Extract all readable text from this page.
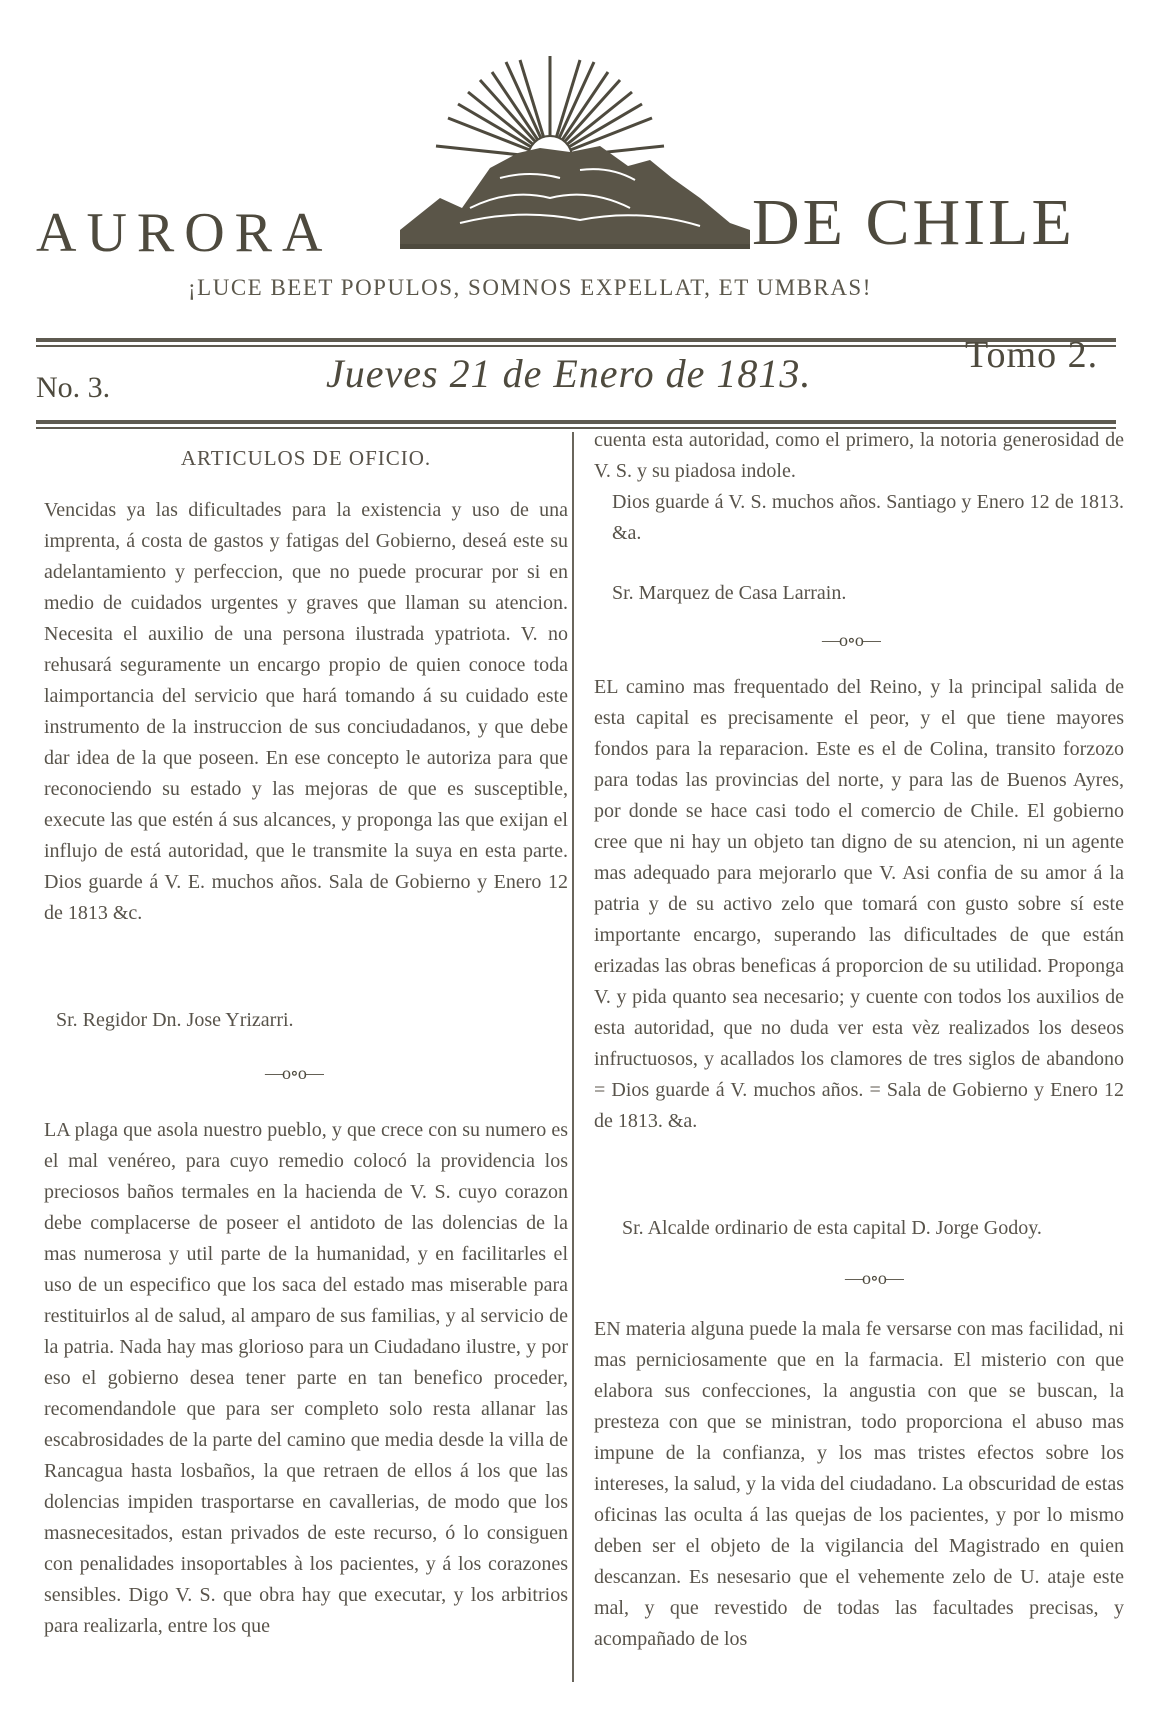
AURORA	DE CHILE
¡LUCE BEET POPULOS, SOMNOS EXPELLAT, ET UMBRAS!
No. 3.	Jueves 21 de Enero de 1813.	Tomo 2.
ARTICULOS DE OFICIO.

Vencidas ya las dificultades para la existencia y uso de una imprenta, á costa de gastos y fatigas del Gobierno, deseá este su adelantamiento y perfeccion, que no puede procurar por si en medio de cuidados urgentes y graves que llaman su atencion. Necesita el auxilio de una persona ilustrada ypatriota. V. no rehusará seguramente un encargo propio de quien conoce toda laimportancia del servicio que hará tomando á su cuidado este instrumento de la instruccion de sus conciudadanos, y que debe dar idea de la que poseen. En ese concepto le autoriza para que reconociendo su estado y las mejoras de que es susceptible, execute las que estén á sus alcances, y proponga las que exijan el influjo de está autoridad, que le transmite la suya en esta parte. Dios guarde á V. E. muchos años. Sala de Gobierno y Enero 12 de 1813 &c.

Sr. Regidor Dn. Jose Yrizarri.
—o∘o—

LA plaga que asola nuestro pueblo, y que crece con su numero es el mal venéreo, para cuyo remedio colocó la providencia los preciosos baños termales en la hacienda de V. S. cuyo corazon debe complacerse de poseer el antidoto de las dolencias de la mas numerosa y util parte de la humanidad, y en facilitarles el uso de un especifico que los saca del estado mas miserable para restituirlos al de salud, al amparo de sus familias, y al servicio de la patria. Nada hay mas glorioso para un Ciudadano ilustre, y por eso el gobierno desea tener parte en tan benefico proceder, recomendandole que para ser completo solo resta allanar las escabrosidades de la parte del camino que media desde la villa de Rancagua hasta losbaños, la que retraen de ellos á los que las dolencias impiden trasportarse en cavallerias, de modo que los masnecesitados, estan privados de este recurso, ó lo consiguen con penalidades insoportables à los pacientes, y á los corazones sensibles. Digo V. S. que obra hay que executar, y los arbitrios para realizarla, entre los que

cuenta esta autoridad, como el primero, la notoria generosidad de V. S. y su piadosa indole.

Dios guarde á V. S. muchos años. Santiago y Enero 12 de 1813. &a.

Sr. Marquez de Casa Larrain.
—o∘o—

EL camino mas frequentado del Reino, y la principal salida de esta capital es precisamente el peor, y el que tiene mayores fondos para la reparacion. Este es el de Colina, transito forzozo para todas las provincias del norte, y para las de Buenos Ayres, por donde se hace casi todo el comercio de Chile. El gobierno cree que ni hay un objeto tan digno de su atencion, ni un agente mas adequado para mejorarlo que V. Asi confia de su amor á la patria y de su activo zelo que tomará con gusto sobre sí este importante encargo, superando las dificultades de que están erizadas las obras beneficas á proporcion de su utilidad. Proponga V. y pida quanto sea necesario; y cuente con todos los auxilios de esta autoridad, que no duda ver esta vèz realizados los deseos infructuosos, y acallados los clamores de tres siglos de abandono = Dios guarde á V. muchos años. = Sala de Gobierno y Enero 12 de 1813. &a.

Sr. Alcalde ordinario de esta capital D. Jorge Godoy.
—o∘o—

EN materia alguna puede la mala fe versarse con mas facilidad, ni mas perniciosamente que en la farmacia. El misterio con que elabora sus confecciones, la angustia con que se buscan, la presteza con que se ministran, todo proporciona el abuso mas impune de la confianza, y los mas tristes efectos sobre los intereses, la salud, y la vida del ciudadano. La obscuridad de estas oficinas las oculta á las quejas de los pacientes, y por lo mismo deben ser el objeto de la vigilancia del Magistrado en quien descanzan. Es nesesario que el vehemente zelo de U. ataje este mal, y que revestido de todas las facultades precisas, y acompañado de los
